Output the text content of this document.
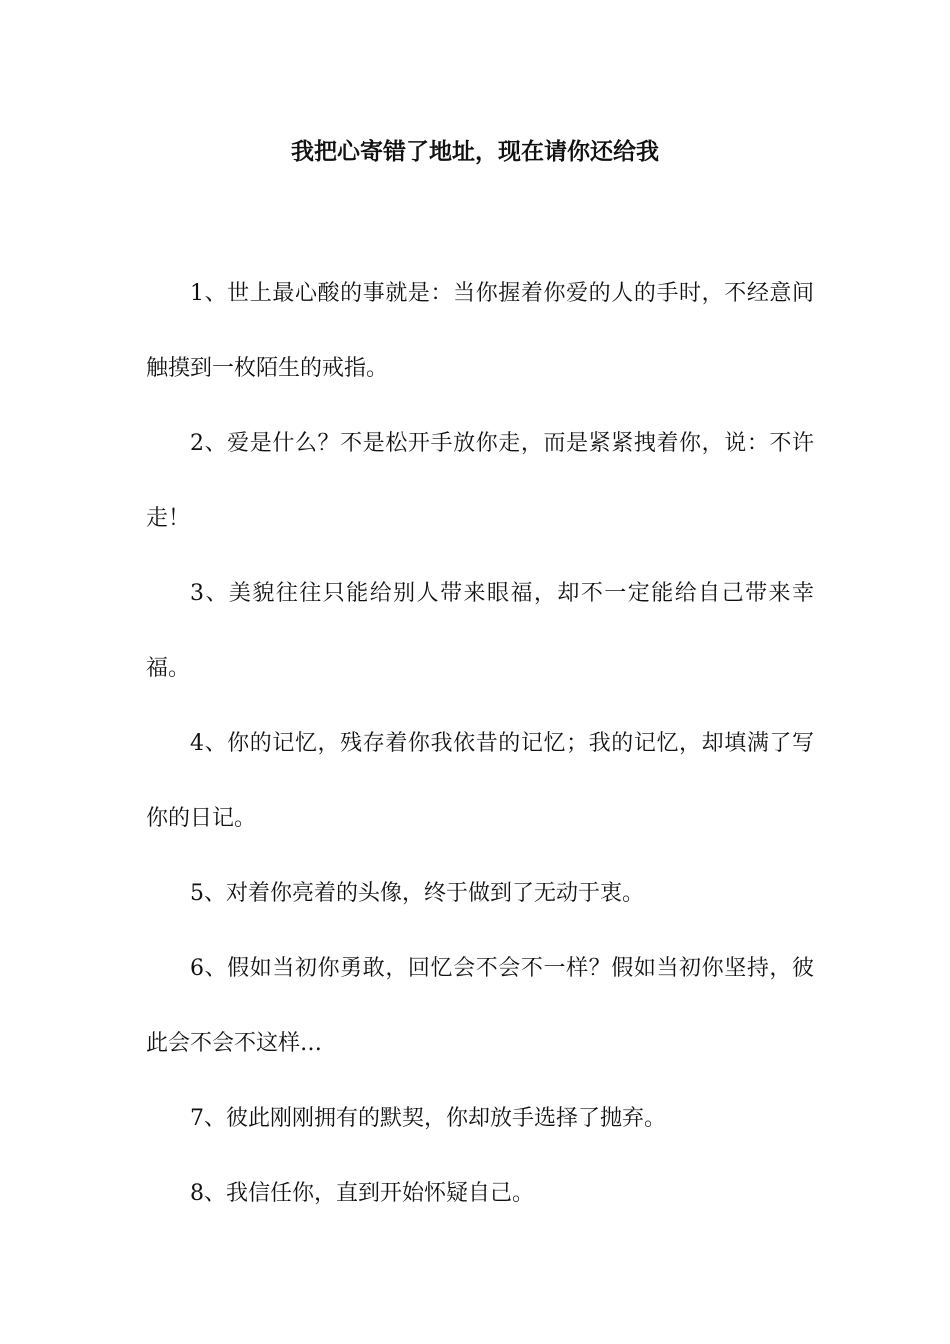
我把心寄错了地址，现在请你还给我
1、世上最心酸的事就是：当你握着你爱的人的手时，不经意间触摸到一枚陌生的戒指。
2、爱是什么？不是松开手放你走，而是紧紧拽着你，说：不许走！
3、美貌往往只能给别人带来眼福，却不一定能给自己带来幸福。
4、你的记忆，残存着你我依昔的记忆；我的记忆，却填满了写你的日记。
5、对着你亮着的头像，终于做到了无动于衷。
6、假如当初你勇敢，回忆会不会不一样？假如当初你坚持，彼此会不会不这样…
7、彼此刚刚拥有的默契，你却放手选择了抛弃。
8、我信任你，直到开始怀疑自己。
